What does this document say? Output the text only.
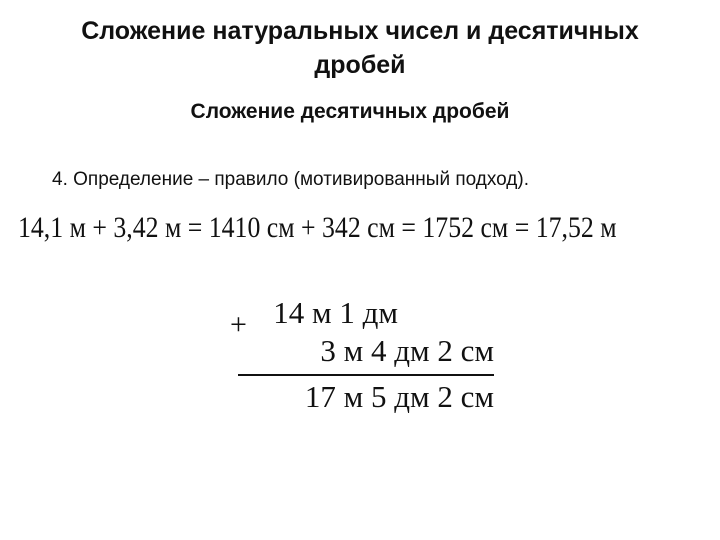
Сложение натуральных чисел и десятичных дробей
Сложение десятичных дробей
4. Определение – правило (мотивированный подход).
14,1 м + 3,42 м = 1410 см + 342 см = 1752 см = 17,52 м
+ 14 м 1 дм
3 м 4 дм 2 см
17 м 5 дм 2 см
